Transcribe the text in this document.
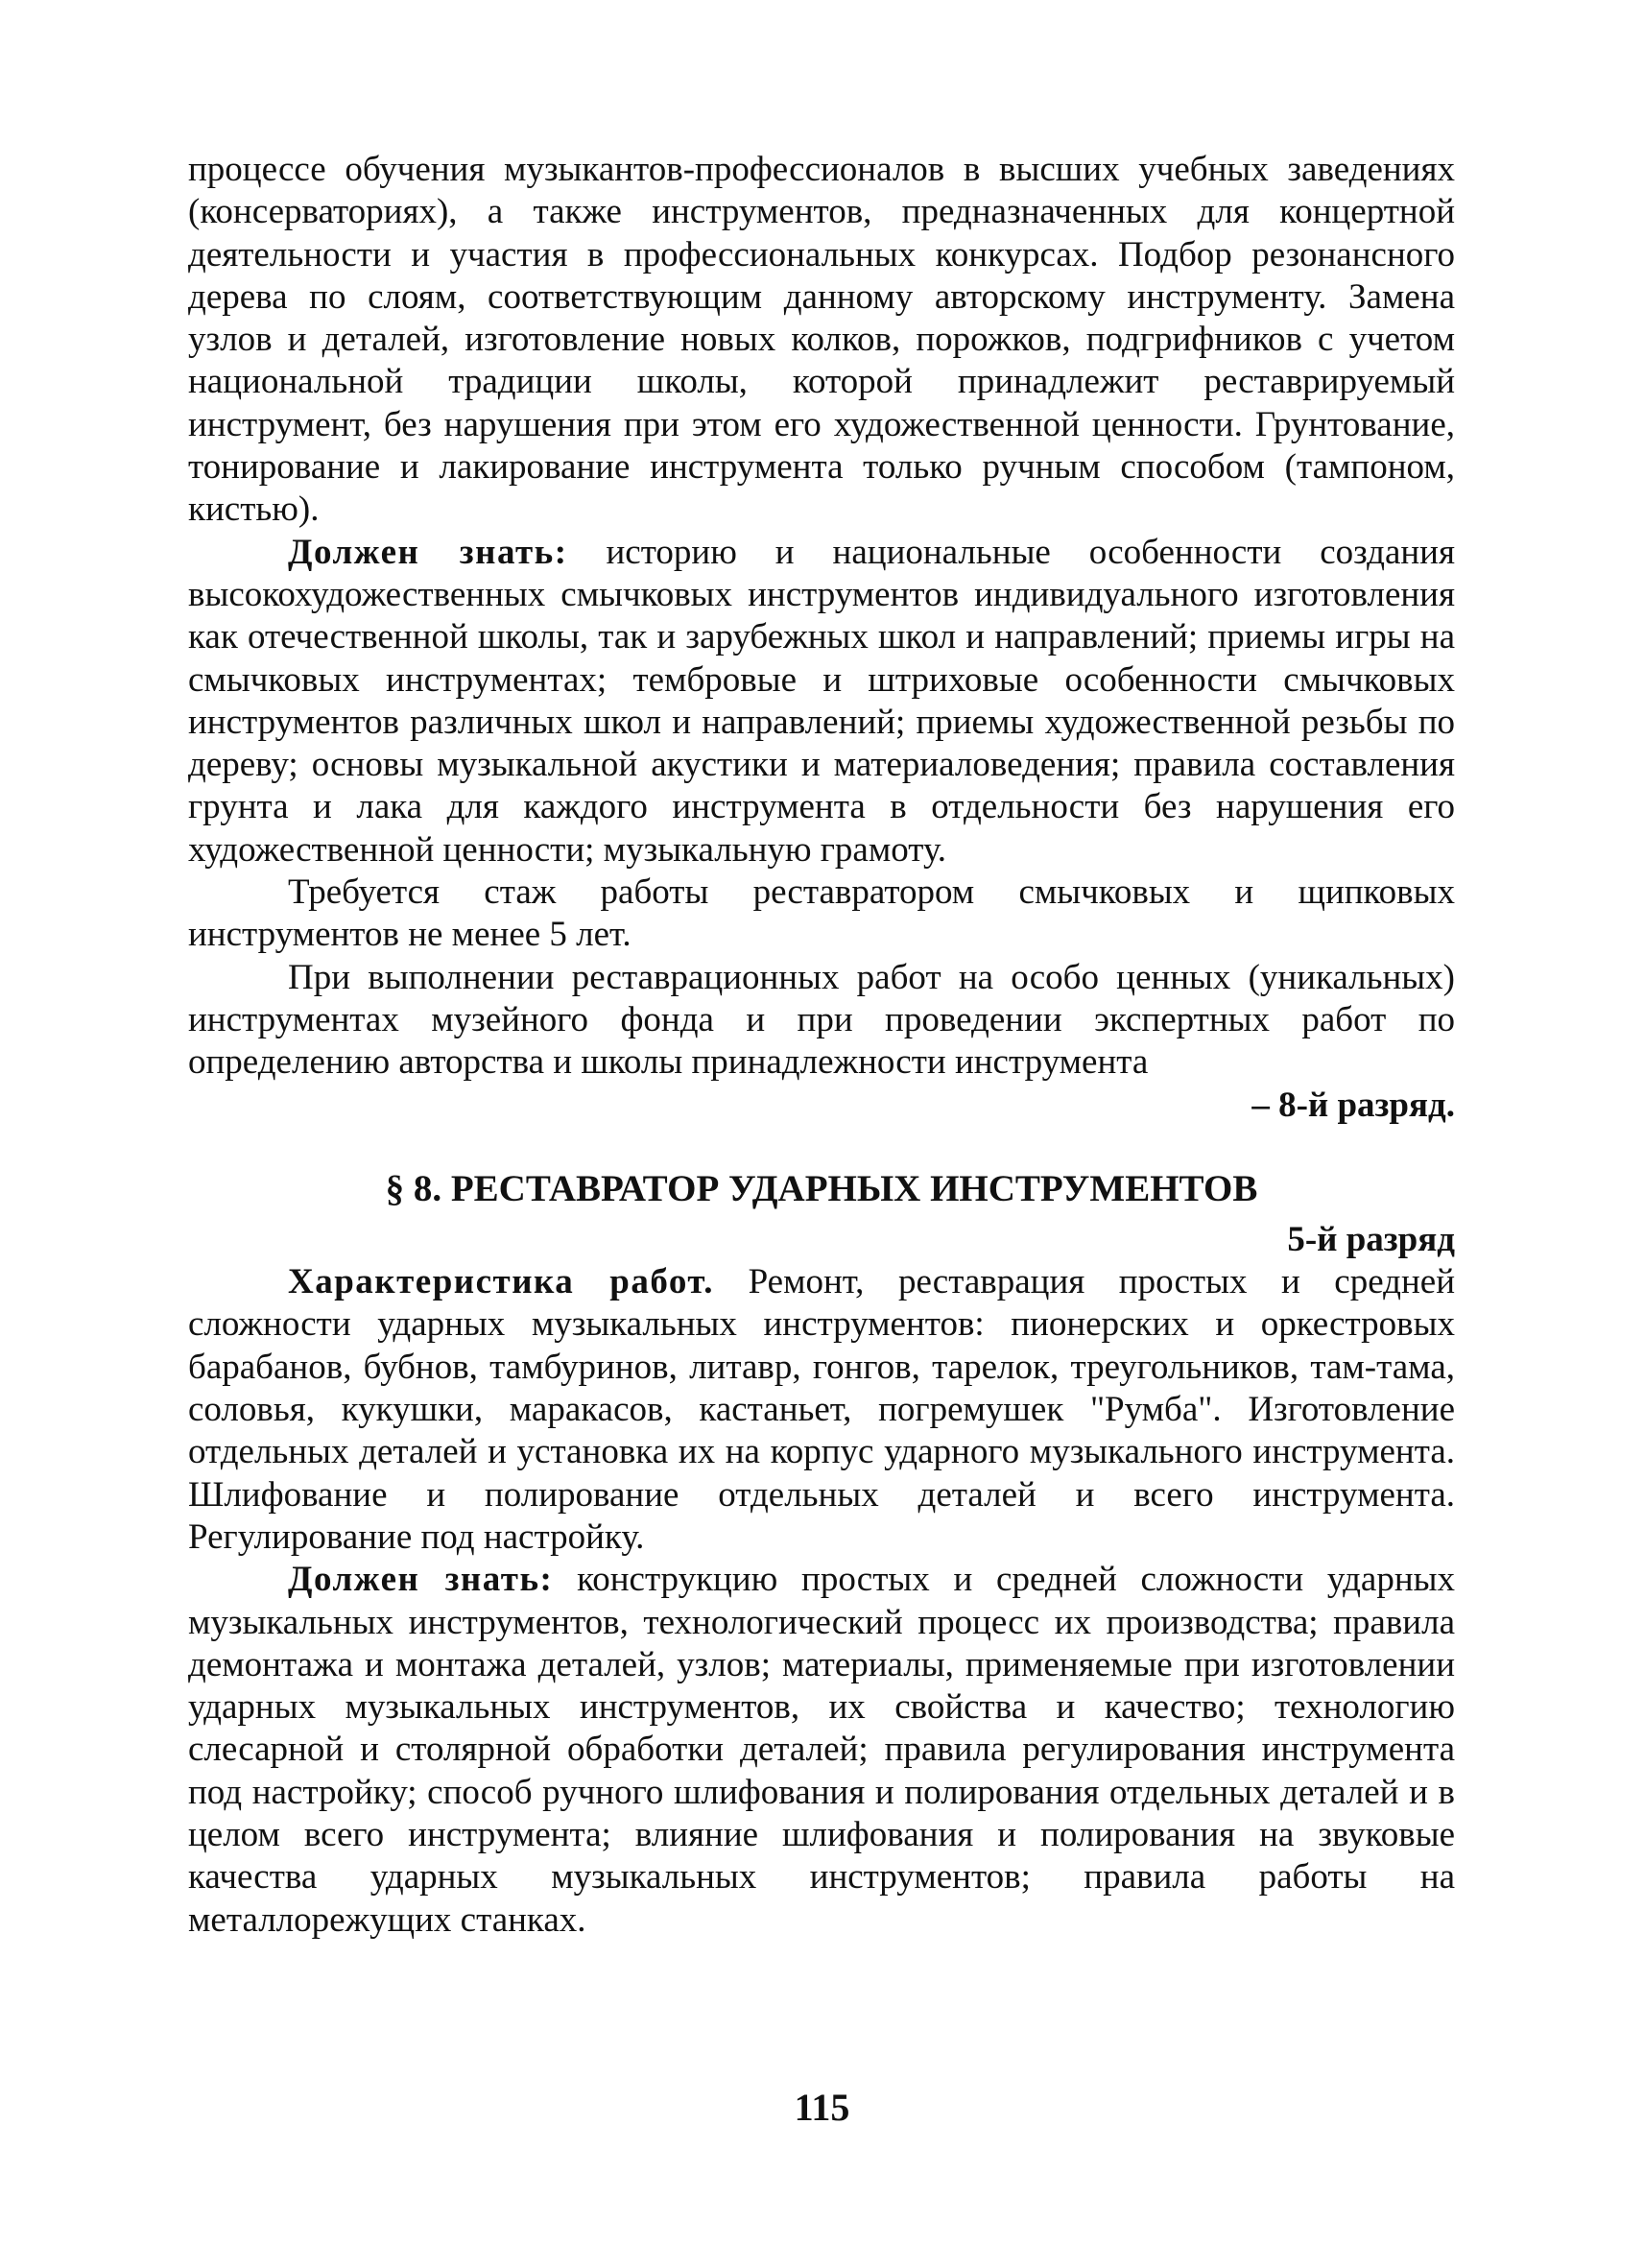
процессе обучения музыкантов-профессионалов в высших учебных заведениях (консерваториях), а также инструментов, предназначенных для концертной деятельности и участия в профессиональных конкурсах. Подбор резонансного дерева по слоям, соответствующим данному авторскому инструменту. Замена узлов и деталей, изготовление новых колков, порожков, подгрифников с учетом национальной традиции школы, которой принадлежит реставрируемый инструмент, без нарушения при этом его художественной ценности. Грунтование, тонирование и лакирование инструмента только ручным способом (тампоном, кистью).

Должен знать: историю и национальные особенности создания высокохудожественных смычковых инструментов индивидуального изготовления как отечественной школы, так и зарубежных школ и направлений; приемы игры на смычковых инструментах; тембровые и штриховые особенности смычковых инструментов различных школ и направлений; приемы художественной резьбы по дереву; основы музыкальной акустики и материаловедения; правила составления грунта и лака для каждого инструмента в отдельности без нарушения его художественной ценности; музыкальную грамоту.

Требуется стаж работы реставратором смычковых и щипковых инструментов не менее 5 лет.

При выполнении реставрационных работ на особо ценных (уникальных) инструментах музейного фонда и при проведении экспертных работ по определению авторства и школы принадлежности инструмента

– 8-й разряд.
§ 8. РЕСТАВРАТОР УДАРНЫХ ИНСТРУМЕНТОВ
5-й разряд

Характеристика работ. Ремонт, реставрация простых и средней сложности ударных музыкальных инструментов: пионерских и оркестровых барабанов, бубнов, тамбуринов, литавр, гонгов, тарелок, треугольников, там-тама, соловья, кукушки, маракасов, кастаньет, погремушек "Румба". Изготовление отдельных деталей и установка их на корпус ударного музыкального инструмента. Шлифование и полирование отдельных деталей и всего инструмента. Регулирование под настройку.

Должен знать: конструкцию простых и средней сложности ударных музыкальных инструментов, технологический процесс их производства; правила демонтажа и монтажа деталей, узлов; материалы, применяемые при изготовлении ударных музыкальных инструментов, их свойства и качество; технологию слесарной и столярной обработки деталей; правила регулирования инструмента под настройку; способ ручного шлифования и полирования отдельных деталей и в целом всего инструмента; влияние шлифования и полирования на звуковые качества ударных музыкальных инструментов; правила работы на металлорежущих станках.

115
